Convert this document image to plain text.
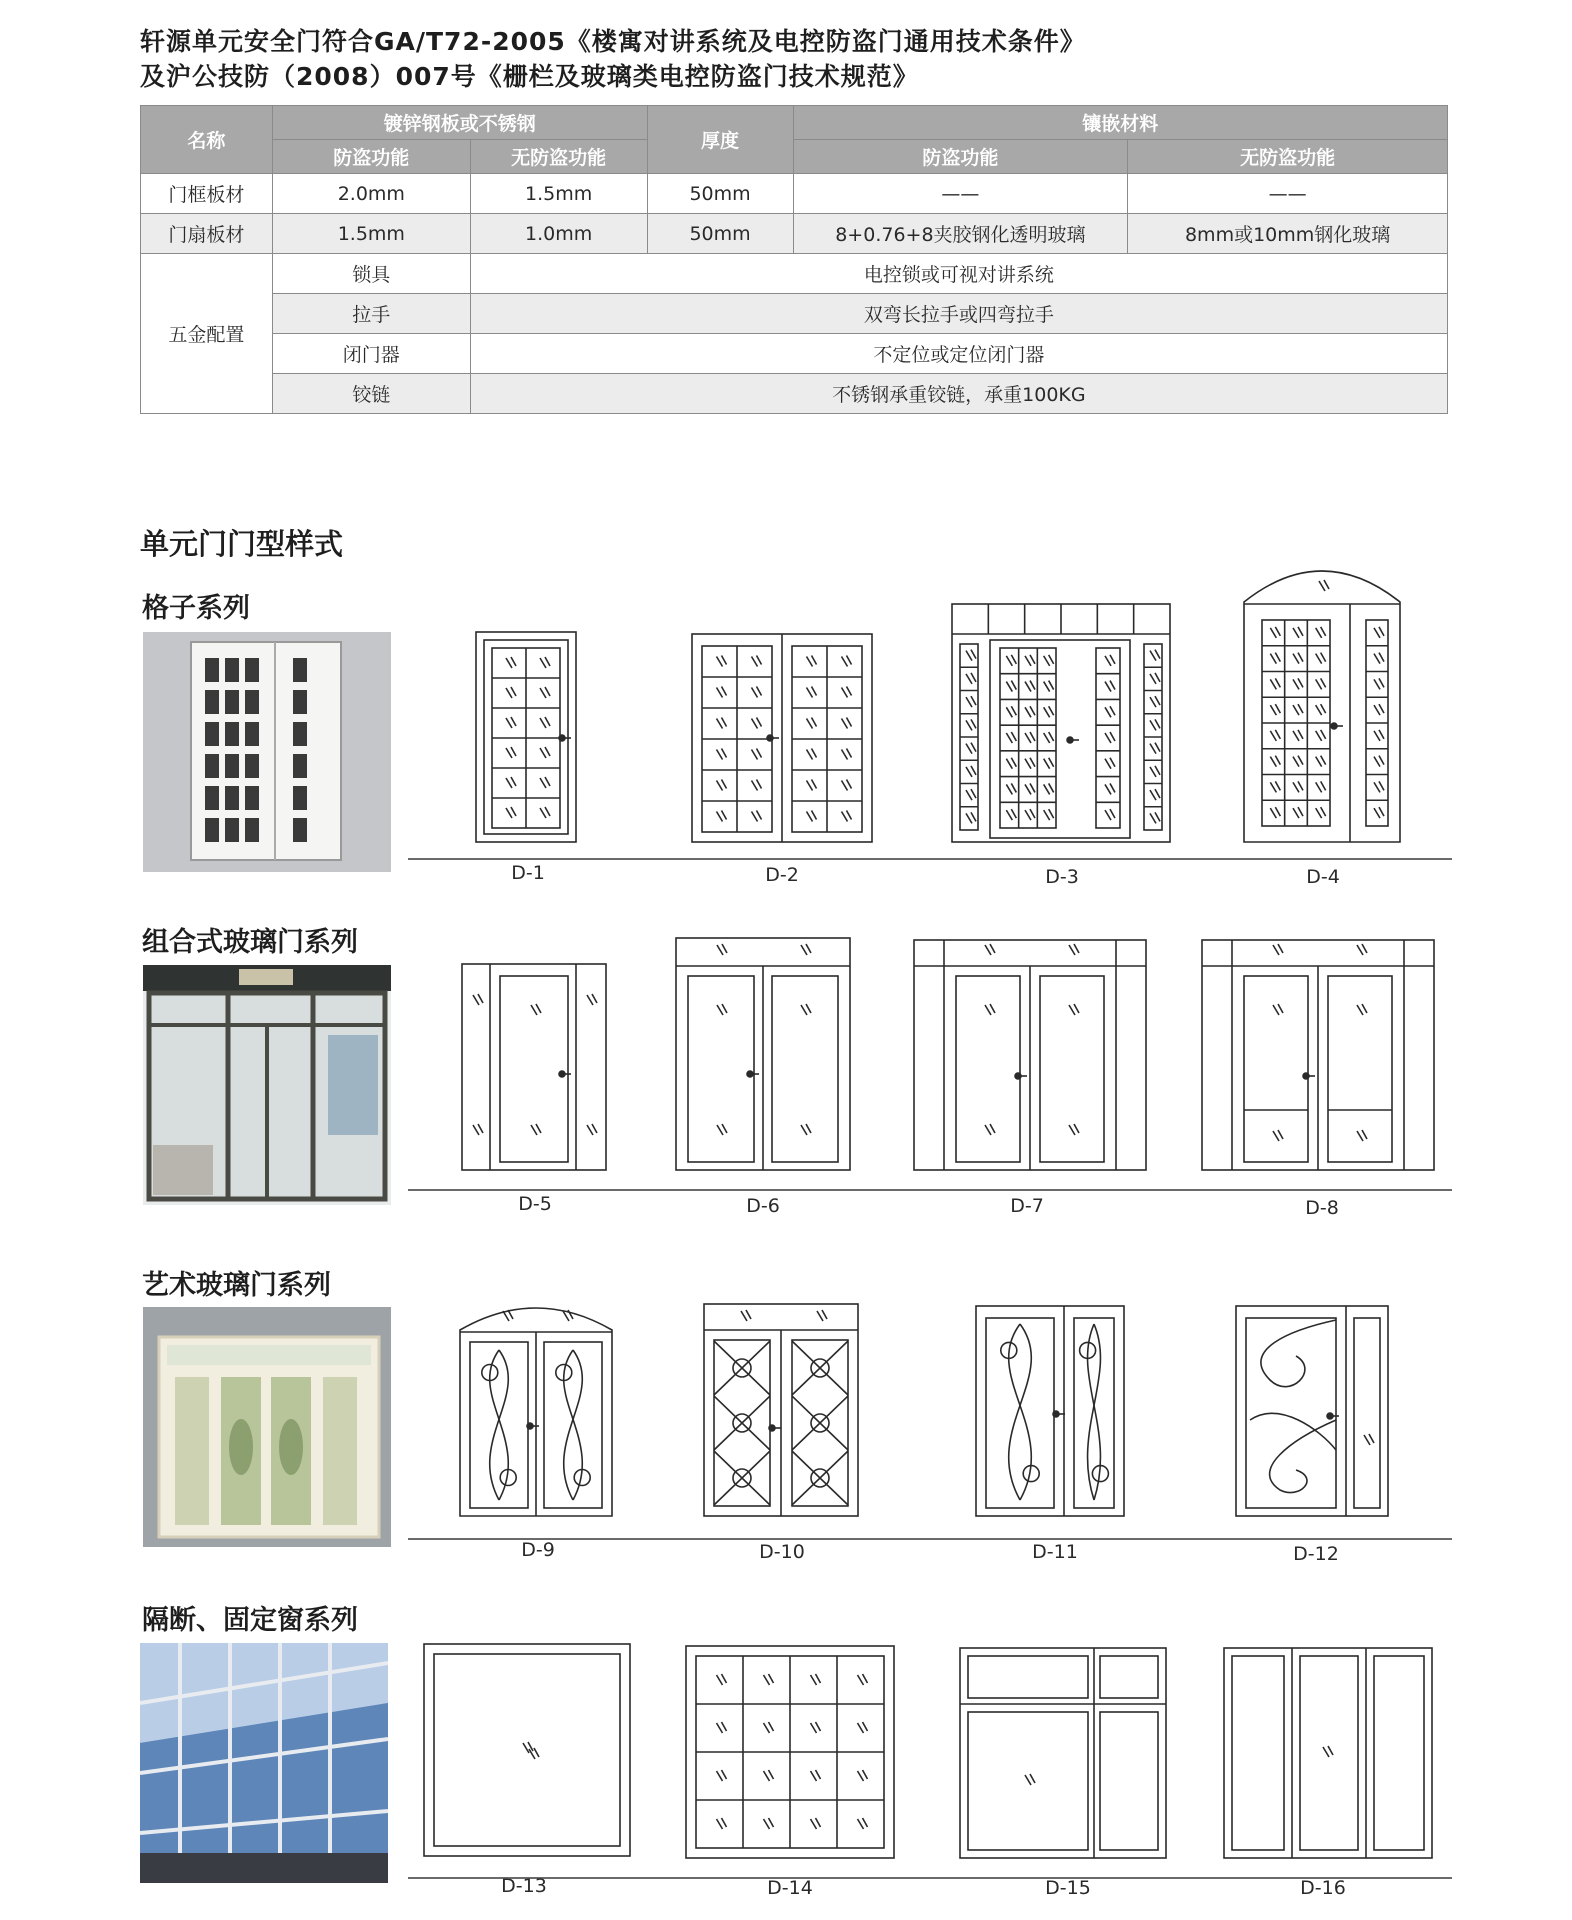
轩源单元安全门符合GA/T72-2005《楼寓对讲系统及电控防盗门通用技术条件》
及沪公技防（2008）007号《栅栏及玻璃类电控防盗门技术规范》
名称	镀锌钢板或不锈钢		厚度	镶嵌材料	
	防盗功能	无防盗功能		防盗功能	无防盗功能
门框板材	2.0mm	1.5mm	50mm	——	——
门扇板材	1.5mm	1.0mm	50mm	8+0.76+8夹胶钢化透明玻璃	8mm或10mm钢化玻璃
五金配置	锁具	电控锁或可视对讲系统			
	拉手	双弯长拉手或四弯拉手			
	闭门器	不定位或定位闭门器			
	铰链	不锈钢承重铰链，承重100KG			
单元门门型样式
格子系列
组合式玻璃门系列
艺术玻璃门系列
隔断、固定窗系列
D-1	D-2	D-3	D-4
D-5	D-6	D-7	D-8
D-9	D-10	D-11	D-12
D-13	D-14	D-15	D-16
